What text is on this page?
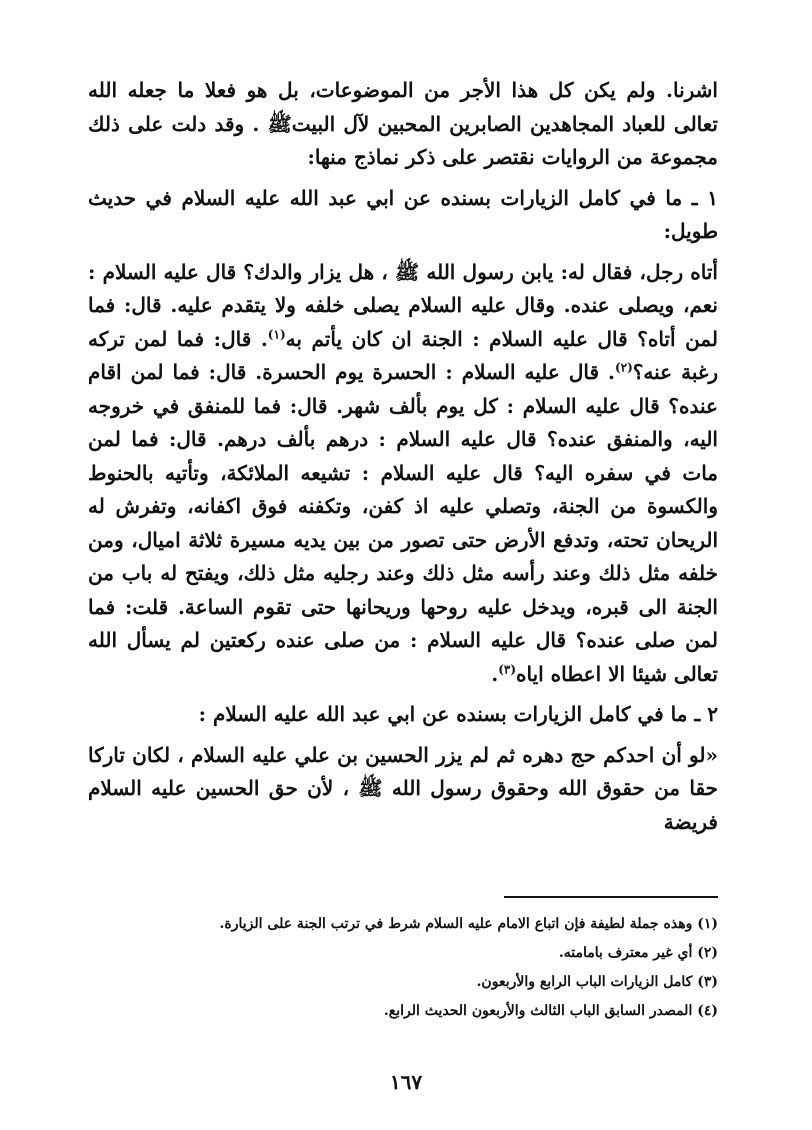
اشرنا. ولم يكن كل هذا الأجر من الموضوعات، بل هو فعلا ما جعله الله تعالى للعباد المجاهدين الصابرين المحبين لآل البيتﷺ . وقد دلت على ذلك مجموعة من الروايات نقتصر على ذكر نماذج منها:

١ ـ ما في كامل الزيارات بسنده عن ابي عبد الله عليه السلام في حديث طويل:

أتاه رجل، فقال له: يابن رسول الله ﷺ ، هل يزار والدك؟ قال عليه السلام : نعم، ويصلى عنده. وقال عليه السلام يصلى خلفه ولا يتقدم عليه. قال: فما لمن أتاه؟ قال عليه السلام : الجنة ان كان يأتم به$^{(١)}$. قال: فما لمن تركه رغبة عنه؟$^{(٢)}$. قال عليه السلام : الحسرة يوم الحسرة. قال: فما لمن اقام عنده؟ قال عليه السلام : كل يوم بألف شهر. قال: فما للمنفق في خروجه اليه، والمنفق عنده؟ قال عليه السلام : درهم بألف درهم. قال: فما لمن مات في سفره اليه؟ قال عليه السلام : تشيعه الملائكة، وتأتيه بالحنوط والكسوة من الجنة، وتصلي عليه اذ كفن، وتكفنه فوق اكفانه، وتفرش له الريحان تحته، وتدفع الأرض حتى تصور من بين يديه مسيرة ثلاثة اميال، ومن خلفه مثل ذلك وعند رأسه مثل ذلك وعند رجليه مثل ذلك، ويفتح له باب من الجنة الى قبره، ويدخل عليه روحها وريحانها حتى تقوم الساعة. قلت: فما لمن صلى عنده؟ قال عليه السلام : من صلى عنده ركعتين لم يسأل الله تعالى شيئا الا اعطاه اياه$^{(٣)}$.

٢ ـ ما في كامل الزيارات بسنده عن ابي عبد الله عليه السلام :

«لو أن احدكم حج دهره ثم لم يزر الحسين بن علي عليه السلام ، لكان تاركا حقا من حقوق الله وحقوق رسول الله ﷺ ، لأن حق الحسين عليه السلام فريضة

(١) وهذه جملة لطيفة فإن اتباع الامام عليه السلام شرط في ترتب الجنة على الزيارة.
(٢) أي غير معترف بامامته.
(٣) كامل الزيارات الباب الرابع والأربعون.
(٤) المصدر السابق الباب الثالث والأربعون الحديث الرابع.
١٦٧
